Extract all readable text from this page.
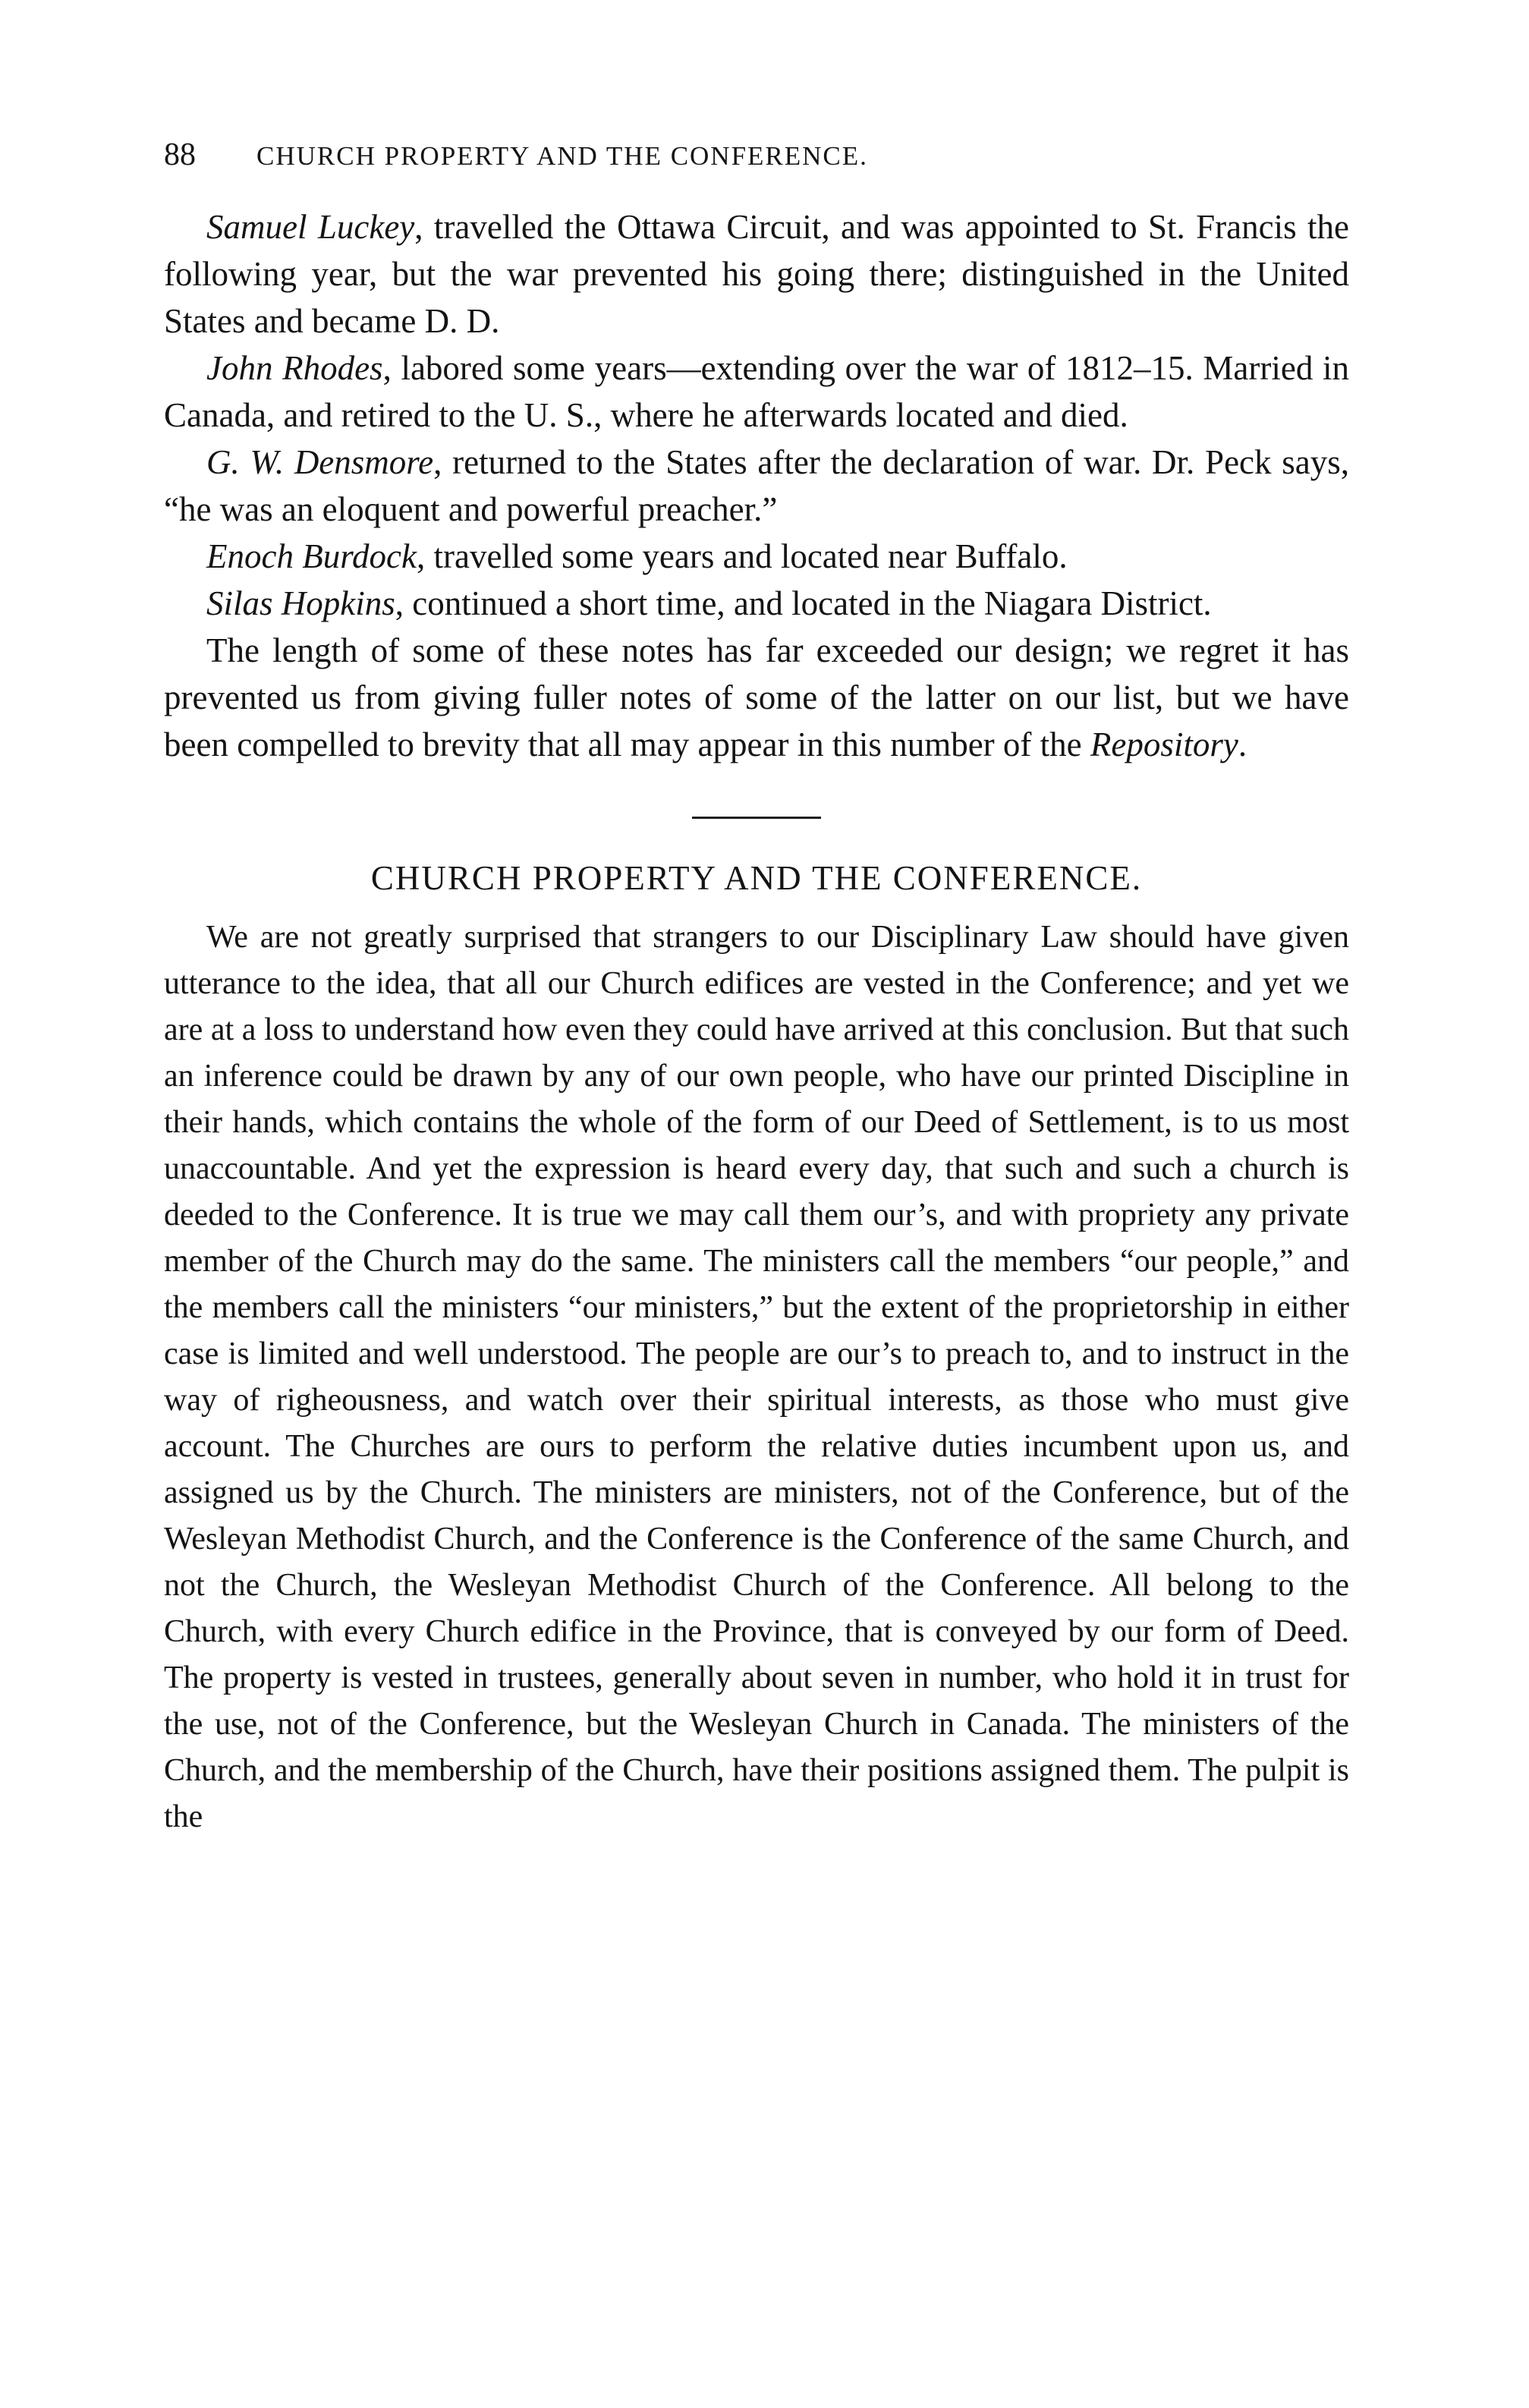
88	CHURCH PROPERTY AND THE CONFERENCE.

Samuel Luckey, travelled the Ottawa Circuit, and was appointed to St. Francis the following year, but the war prevented his going there; distinguished in the United States and became D. D.

John Rhodes, labored some years—extending over the war of 1812–15. Married in Canada, and retired to the U. S., where he afterwards located and died.

G. W. Densmore, returned to the States after the declaration of war. Dr. Peck says, “he was an eloquent and powerful preacher.”

Enoch Burdock, travelled some years and located near Buffalo.

Silas Hopkins, continued a short time, and located in the Niagara District.

The length of some of these notes has far exceeded our design; we regret it has prevented us from giving fuller notes of some of the latter on our list, but we have been compelled to brevity that all may appear in this number of the Repository.

CHURCH PROPERTY AND THE CONFERENCE.

We are not greatly surprised that strangers to our Disciplinary Law should have given utterance to the idea, that all our Church edifices are vested in the Conference; and yet we are at a loss to understand how even they could have arrived at this conclusion. But that such an inference could be drawn by any of our own people, who have our printed Discipline in their hands, which contains the whole of the form of our Deed of Settlement, is to us most unaccountable. And yet the expression is heard every day, that such and such a church is deeded to the Conference. It is true we may call them our’s, and with propriety any private member of the Church may do the same. The ministers call the members “our people,” and the members call the ministers “our ministers,” but the extent of the proprietorship in either case is limited and well understood. The people are our’s to preach to, and to instruct in the way of righeousness, and watch over their spiritual interests, as those who must give account. The Churches are ours to perform the relative duties incumbent upon us, and assigned us by the Church. The ministers are ministers, not of the Conference, but of the Wesleyan Methodist Church, and the Conference is the Conference of the same Church, and not the Church, the Wesleyan Methodist Church of the Conference. All belong to the Church, with every Church edifice in the Province, that is conveyed by our form of Deed. The property is vested in trustees, generally about seven in number, who hold it in trust for the use, not of the Conference, but the Wesleyan Church in Canada. The ministers of the Church, and the membership of the Church, have their positions assigned them. The pulpit is the
